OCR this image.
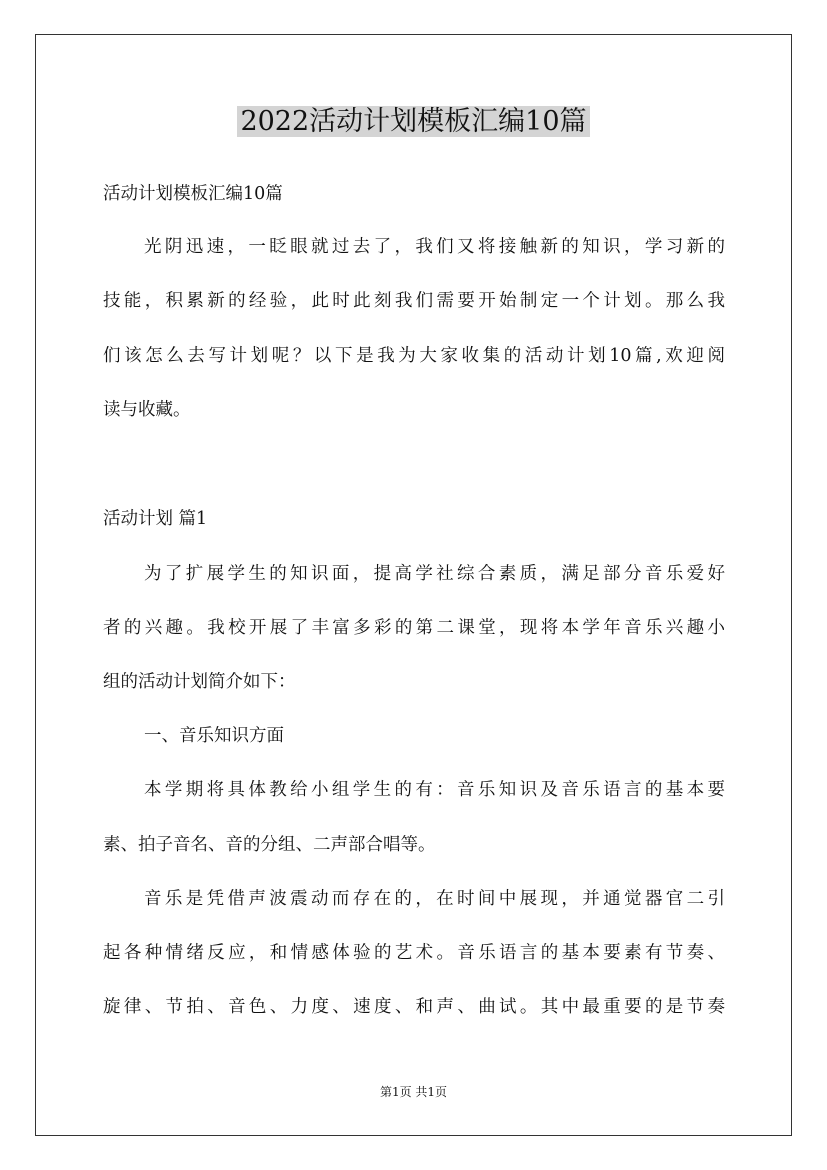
2022活动计划模板汇编10篇

活动计划模板汇编10篇

光阴迅速，一眨眼就过去了，我们又将接触新的知识，学习新的

技能，积累新的经验，此时此刻我们需要开始制定一个计划。那么我

们该怎么去写计划呢？以下是我为大家收集的活动计划10篇,欢迎阅

读与收藏。

活动计划 篇1

为了扩展学生的知识面，提高学社综合素质，满足部分音乐爱好

者的兴趣。我校开展了丰富多彩的第二课堂，现将本学年音乐兴趣小

组的活动计划简介如下：

一、音乐知识方面

本学期将具体教给小组学生的有：音乐知识及音乐语言的基本要

素、拍子音名、音的分组、二声部合唱等。

音乐是凭借声波震动而存在的，在时间中展现，并通觉器官二引

起各种情绪反应，和情感体验的艺术。音乐语言的基本要素有节奏、

旋律、节拍、音色、力度、速度、和声、曲试。其中最重要的是节奏

第1页 共1页
